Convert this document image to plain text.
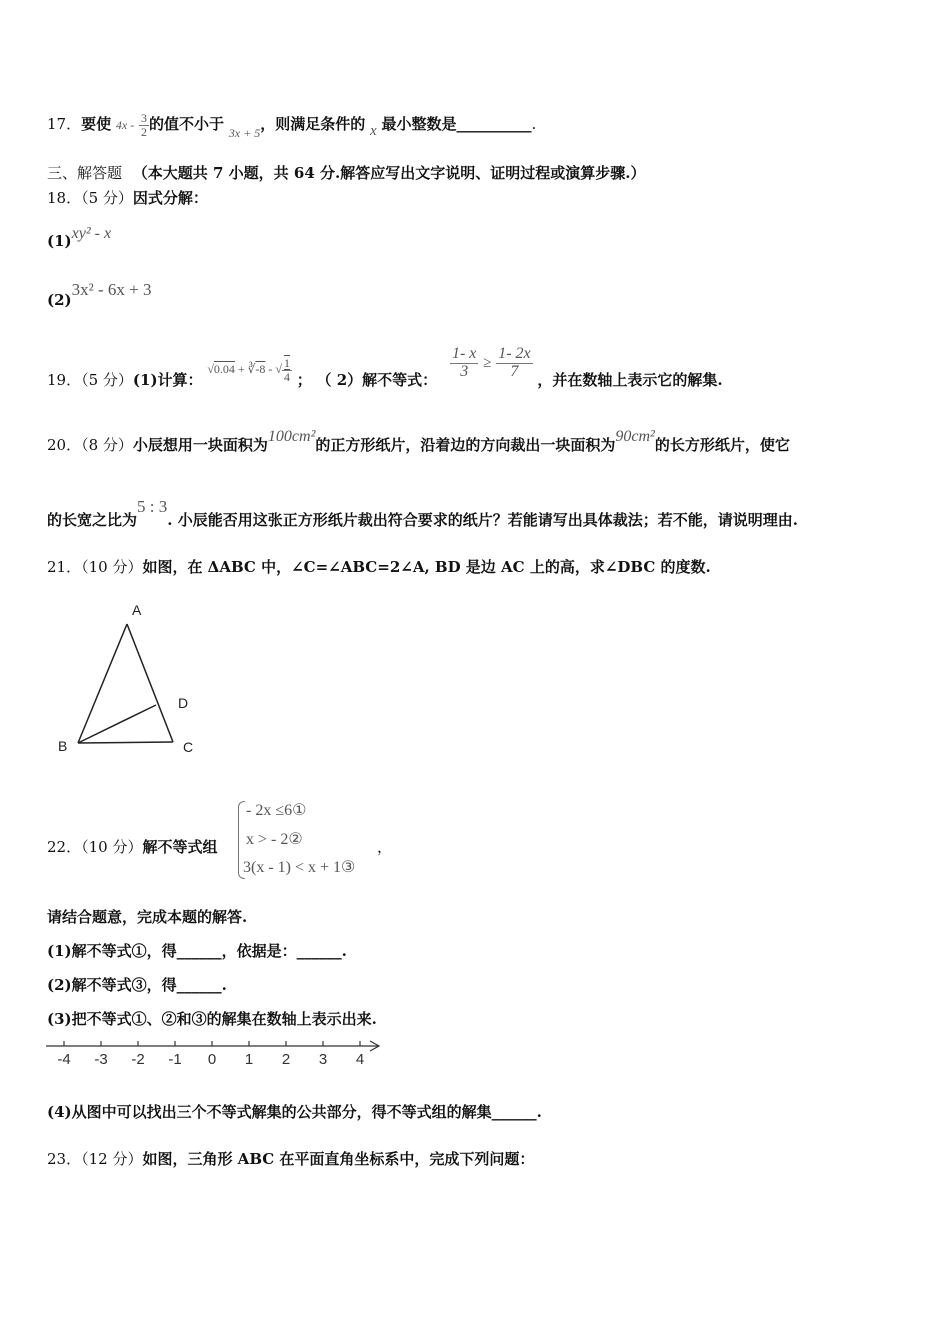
17．要使 $4x - \frac{3}{2}$ 的值不小于 $_{3x + 5}$，则满足条件的 x 最小整数是__________.
三、解答题 （本大题共 7 小题，共 64 分.解答应写出文字说明、证明过程或演算步骤.）
18．（5 分）因式分解：
(1)xy² - x
(2)3x² - 6x + 3
19．（5 分）(1)计算： $_{√0.04 + ∛-8 - √ \frac{1}{4}}$ ； （ 2）解不等式： $\frac{1- x}{3} \ge \frac{1- 2x}{7}$ ，并在数轴上表示它的解集.
20．（8 分）小辰想用一块面积为100cm²的正方形纸片，沿着边的方向裁出一块面积为90cm²的长方形纸片，使它
的长宽之比为5 : 3. 小辰能否用这张正方形纸片裁出符合要求的纸片？若能请写出具体裁法；若不能，请说明理由.
21．（10 分）如图，在 ΔABC 中，∠C=∠ABC=2∠A, BD 是边 AC 上的高，求∠DBC 的度数.
A
D
B	C
22．（10 分）解不等式组
- 2x ≤6①
x > - 2②
3(x - 1) < x + 1③
，
请结合题意，完成本题的解答.
(1)解不等式①，得______，依据是：______.
(2)解不等式③，得______.
(3)把不等式①、②和③的解集在数轴上表示出来.
-4 -3 -2 -1 0 1 2 3 4
(4)从图中可以找出三个不等式解集的公共部分，得不等式组的解集______.
23．（12 分）如图，三角形 ABC 在平面直角坐标系中，完成下列问题：
